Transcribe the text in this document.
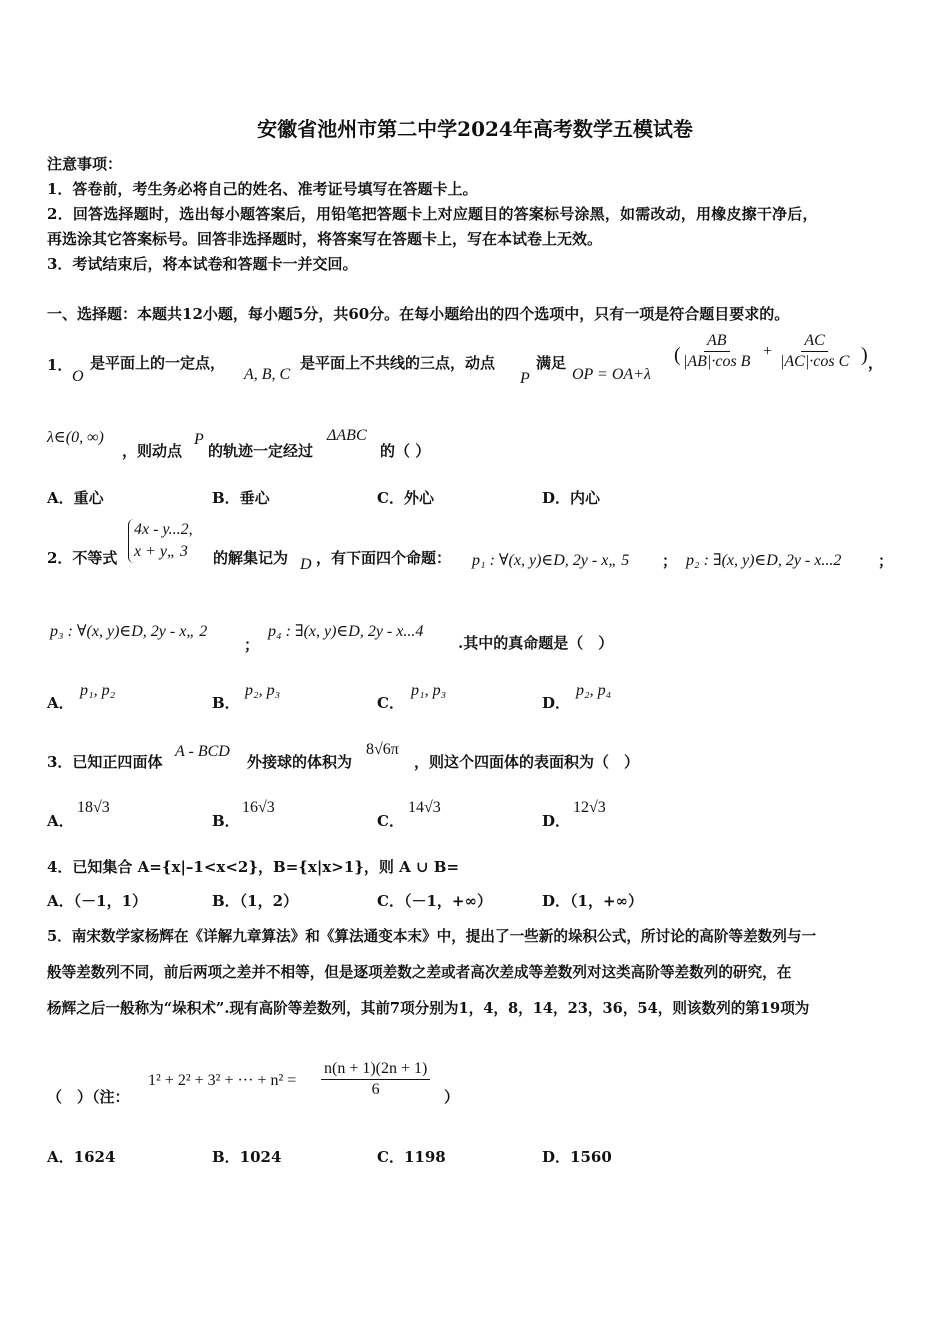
安徽省池州市第二中学2024年高考数学五模试卷
注意事项：
1．答卷前，考生务必将自己的姓名、准考证号填写在答题卡上。
2．回答选择题时，选出每小题答案后，用铅笔把答题卡上对应题目的答案标号涂黑，如需改动，用橡皮擦干净后，
再选涂其它答案标号。回答非选择题时，将答案写在答题卡上，写在本试卷上无效。
3．考试结束后，将本试卷和答题卡一并交回。
一、选择题：本题共12小题，每小题5分，共60分。在每小题给出的四个选项中，只有一项是符合题目要求的。
1．
O
是平面上的一定点，
A, B, C
是平面上不共线的三点，动点
P
满足
OP = OA+λ
( $\frac{AB}{\text{|AB|·cos B}} + \frac{AC}{\text{|AC|·cos C}}$ ) ，
λ∈(0, ∞)
，则动点
P
的轨迹一定经过
ΔABC
的（ ）
A．重心	B．垂心	C．外心	D．内心
2．不等式
4x - y...2,
x + y„ 3	的解集记为 D ，有下面四个命题： p₁ : ∀(x, y)∈D, 2y - x„ 5 ； p₂ : ∃(x, y)∈D, 2y - x...2 ；
p₃ : ∀(x, y)∈D, 2y - x„ 2
；
p₄ : ∃(x, y)∈D, 2y - x...4
.其中的真命题是（　）
A．
p₁, p₂
B．
p₂, p₃
C．
p₁, p₃
D．
p₂, p₄
3．已知正四面体
A - BCD
外接球的体积为
8√6π
，则这个四面体的表面积为（　）
A．
18√3
B．
16√3
C．
14√3
D．
12√3
4．已知集合 A={x|–1<x<2}，B={x|x>1}，则 A ∪ B=
A．（－1，1）	B．（1，2）	C．（－1，+∞）	D．（1，+∞）
5．南宋数学家杨辉在《详解九章算法》和《算法通变本末》中，提出了一些新的垛积公式，所讨论的高阶等差数列与一
般等差数列不同，前后两项之差并不相等，但是逐项差数之差或者高次差成等差数列对这类高阶等差数列的研究，在
杨辉之后一般称为“垛积术”.现有高阶等差数列，其前7项分别为1，4，8，14，23，36，54，则该数列的第19项为
（　）（注：
1² + 2² + 3² + ··· + $n^2 = \frac{n(n + 1)(2n + 1)}{6}$ ）
A．1624	B．1024	C．1198	D．1560
